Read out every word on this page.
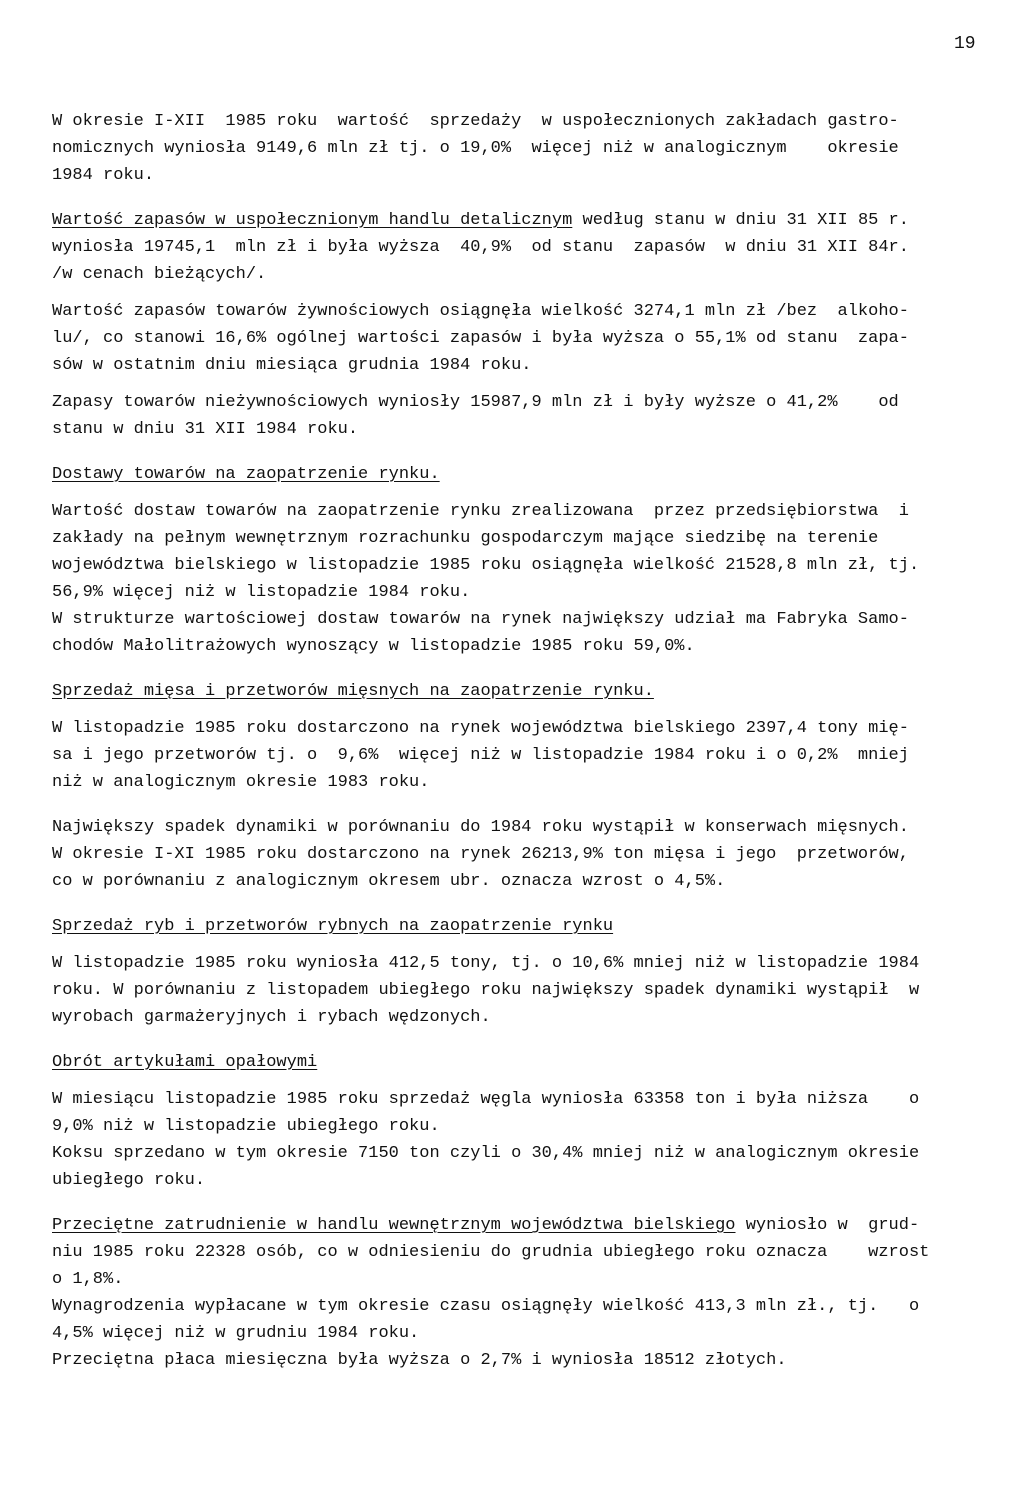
19
W okresie I-XII  1985 roku  wartość  sprzedaży  w uspołecznionych zakładach gastro-
nomicznych wyniosła 9149,6 mln zł tj. o 19,0%  więcej niż w analogicznym    okresie
1984 roku.
Wartość zapasów w uspołecznionym handlu detalicznym według stanu w dniu 31 XII 85 r.
wyniosła 19745,1  mln zł i była wyższa  40,9%  od stanu  zapasów  w dniu 31 XII 84r.
/w cenach bieżących/.
Wartość zapasów towarów żywnościowych osiągnęła wielkość 3274,1 mln zł /bez  alkoho-
lu/, co stanowi 16,6% ogólnej wartości zapasów i była wyższa o 55,1% od stanu  zapa-
sów w ostatnim dniu miesiąca grudnia 1984 roku.
Zapasy towarów nieżywnościowych wyniosły 15987,9 mln zł i były wyższe o 41,2%    od
stanu w dniu 31 XII 1984 roku.
Dostawy towarów na zaopatrzenie rynku.
Wartość dostaw towarów na zaopatrzenie rynku zrealizowana  przez przedsiębiorstwa  i
zakłady na pełnym wewnętrznym rozrachunku gospodarczym mające siedzibę na terenie
województwa bielskiego w listopadzie 1985 roku osiągnęła wielkość 21528,8 mln zł, tj.
56,9% więcej niż w listopadzie 1984 roku.
W strukturze wartościowej dostaw towarów na rynek największy udział ma Fabryka Samo-
chodów Małolitrażowych wynoszący w listopadzie 1985 roku 59,0%.
Sprzedaż mięsa i przetworów mięsnych na zaopatrzenie rynku.
W listopadzie 1985 roku dostarczono na rynek województwa bielskiego 2397,4 tony mię-
sa i jego przetworów tj. o  9,6%  więcej niż w listopadzie 1984 roku i o 0,2%  mniej
niż w analogicznym okresie 1983 roku.
Największy spadek dynamiki w porównaniu do 1984 roku wystąpił w konserwach mięsnych.
W okresie I-XI 1985 roku dostarczono na rynek 26213,9% ton mięsa i jego  przetworów,
co w porównaniu z analogicznym okresem ubr. oznacza wzrost o 4,5%.
Sprzedaż ryb i przetworów rybnych na zaopatrzenie rynku
W listopadzie 1985 roku wyniosła 412,5 tony, tj. o 10,6% mniej niż w listopadzie 1984
roku. W porównaniu z listopadem ubiegłego roku największy spadek dynamiki wystąpił  w
wyrobach garmażeryjnych i rybach wędzonych.
Obrót artykułami opałowymi
W miesiącu listopadzie 1985 roku sprzedaż węgla wyniosła 63358 ton i była niższa    o
9,0% niż w listopadzie ubiegłego roku.
Koksu sprzedano w tym okresie 7150 ton czyli o 30,4% mniej niż w analogicznym okresie
ubiegłego roku.
Przeciętne zatrudnienie w handlu wewnętrznym województwa bielskiego wyniosło w  grud-
niu 1985 roku 22328 osób, co w odniesieniu do grudnia ubiegłego roku oznacza    wzrost
o 1,8%.
Wynagrodzenia wypłacane w tym okresie czasu osiągnęły wielkość 413,3 mln zł., tj.   o
4,5% więcej niż w grudniu 1984 roku.
Przeciętna płaca miesięczna była wyższa o 2,7% i wyniosła 18512 złotych.
